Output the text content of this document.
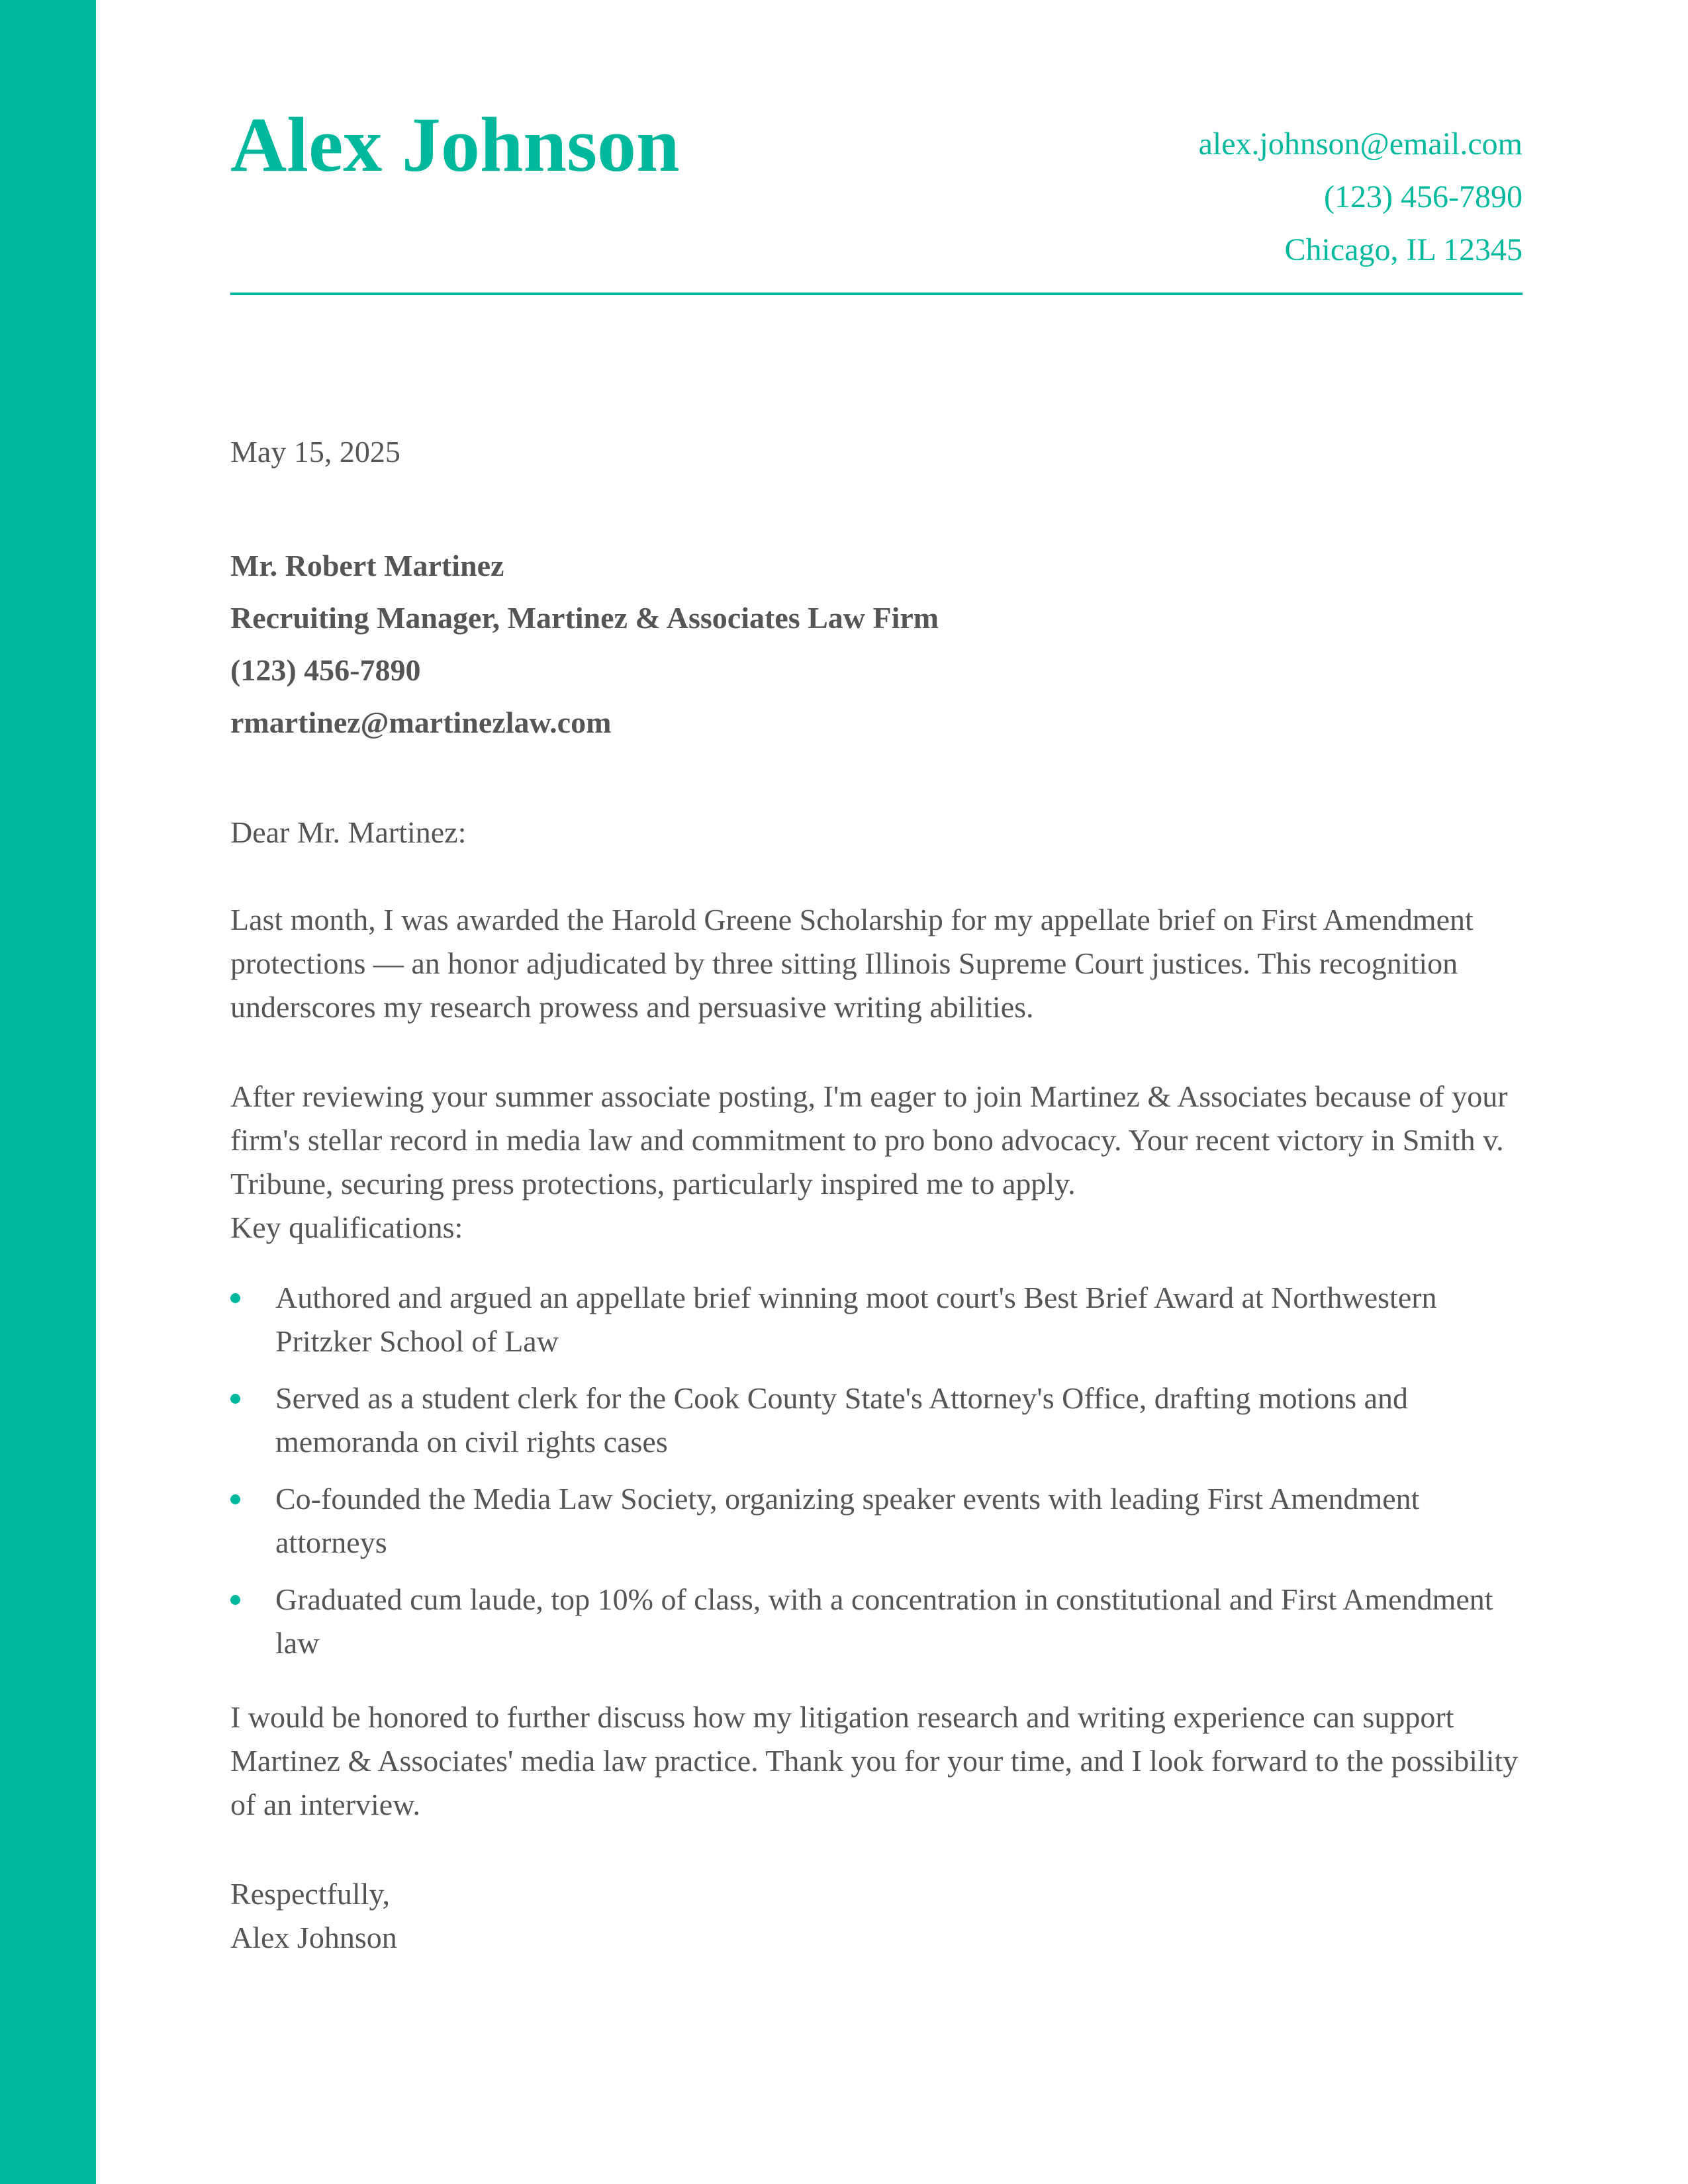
Alex Johnson	alex.johnson@email.com
(123) 456-7890
Chicago, IL 12345
May 15, 2025
Mr. Robert Martinez
Recruiting Manager, Martinez & Associates Law Firm
(123) 456-7890
rmartinez@martinezlaw.com
Dear Mr. Martinez:

Last month, I was awarded the Harold Greene Scholarship for my appellate brief on First Amendment protections — an honor adjudicated by three sitting Illinois Supreme Court justices. This recognition underscores my research prowess and persuasive writing abilities.

After reviewing your summer associate posting, I'm eager to join Martinez & Associates because of your firm's stellar record in media law and commitment to pro bono advocacy. Your recent victory in Smith v. Tribune, securing press protections, particularly inspired me to apply.

Key qualifications:

Authored and argued an appellate brief winning moot court's Best Brief Award at Northwestern Pritzker School of Law
Served as a student clerk for the Cook County State's Attorney's Office, drafting motions and memoranda on civil rights cases
Co-founded the Media Law Society, organizing speaker events with leading First Amendment attorneys
Graduated cum laude, top 10% of class, with a concentration in constitutional and First Amendment law

I would be honored to further discuss how my litigation research and writing experience can support Martinez & Associates' media law practice. Thank you for your time, and I look forward to the possibility of an interview.

Respectfully,
Alex Johnson
